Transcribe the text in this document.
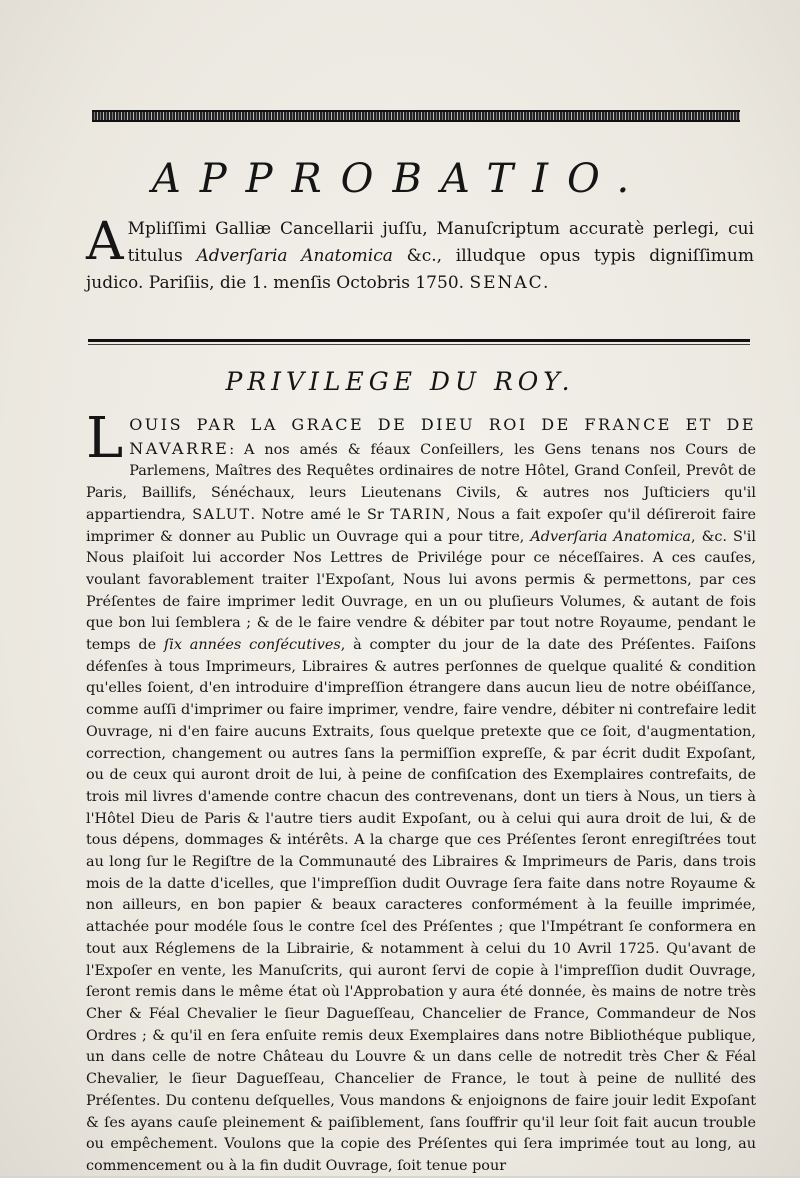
APPROBATIO.
A Mpliſſimi Galliæ Cancellarii juſſu, Manuſcriptum accuratè perlegi, cui titulus Adverſaria Anatomica &c., illudque opus typis digniſſimum judico. Pariſiis, die 1. menſis Octobris 1750. SENAC.
PRIVILEGE DU ROY.
LOUIS PAR LA GRACE DE DIEU ROI DE FRANCE ET DE NAVARRE: A nos amés & féaux Conſeillers, les Gens tenans nos Cours de Parlemens, Maîtres des Requêtes ordinaires de notre Hôtel, Grand Conſeil, Prevôt de Paris, Baillifs, Sénéchaux, leurs Lieutenans Civils, & autres nos Juſticiers qu'il appartiendra, SALUT. Notre amé le Sr TARIN, Nous a fait expoſer qu'il déſireroit faire imprimer & donner au Public un Ouvrage qui a pour titre, Adverſaria Anatomica, &c. S'il Nous plaiſoit lui accorder Nos Lettres de Privilége pour ce néceſſaires. A ces cauſes, voulant favorablement traiter l'Expoſant, Nous lui avons permis & permettons, par ces Préſentes de faire imprimer ledit Ouvrage, en un ou pluſieurs Volumes, & autant de fois que bon lui ſemblera ; & de le faire vendre & débiter par tout notre Royaume, pendant le temps de ſix années conſécutives, à compter du jour de la date des Préſentes. Faiſons défenſes à tous Imprimeurs, Libraires & autres perſonnes de quelque qualité & condition qu'elles ſoient, d'en introduire d'impreſſion étrangere dans aucun lieu de notre obéiſſance, comme auſſi d'imprimer ou faire imprimer, vendre, faire vendre, débiter ni contrefaire ledit Ouvrage, ni d'en faire aucuns Extraits, ſous quelque pretexte que ce ſoit, d'augmentation, correction, changement ou autres ſans la permiſſion expreſſe, & par écrit dudit Expoſant, ou de ceux qui auront droit de lui, à peine de confiſcation des Exemplaires contrefaits, de trois mil livres d'amende contre chacun des contrevenans, dont un tiers à Nous, un tiers à l'Hôtel Dieu de Paris & l'autre tiers audit Expoſant, ou à celui qui aura droit de lui, & de tous dépens, dommages & intérêts. A la charge que ces Préſentes ſeront enregiſtrées tout au long ſur le Regiſtre de la Communauté des Libraires & Imprimeurs de Paris, dans trois mois de la datte d'icelles, que l'impreſſion dudit Ouvrage ſera faite dans notre Royaume & non ailleurs, en bon papier & beaux caracteres conformément à la feuille imprimée, attachée pour modéle ſous le contre ſcel des Préſentes ; que l'Impétrant ſe conformera en tout aux Réglemens de la Librairie, & notamment à celui du 10 Avril 1725. Qu'avant de l'Expoſer en vente, les Manuſcrits, qui auront ſervi de copie à l'impreſſion dudit Ouvrage, ſeront remis dans le même état où l'Approbation y aura été donnée, ès mains de notre très Cher & Féal Chevalier le ſieur Dagueſſeau, Chancelier de France, Commandeur de Nos Ordres ; & qu'il en ſera enſuite remis deux Exemplaires dans notre Bibliothéque publique, un dans celle de notre Château du Louvre & un dans celle de notredit très Cher & Féal Chevalier, le ſieur Dagueſſeau, Chancelier de France, le tout à peine de nullité des Préſentes. Du contenu deſquelles, Vous mandons & enjoignons de faire jouir ledit Expoſant & ſes ayans cauſe pleinement & paiſiblement, ſans ſouffrir qu'il leur ſoit fait aucun trouble ou empêchement. Voulons que la copie des Préſentes qui ſera imprimée tout au long, au commencement ou à la fin dudit Ouvrage, ſoit tenue pour
